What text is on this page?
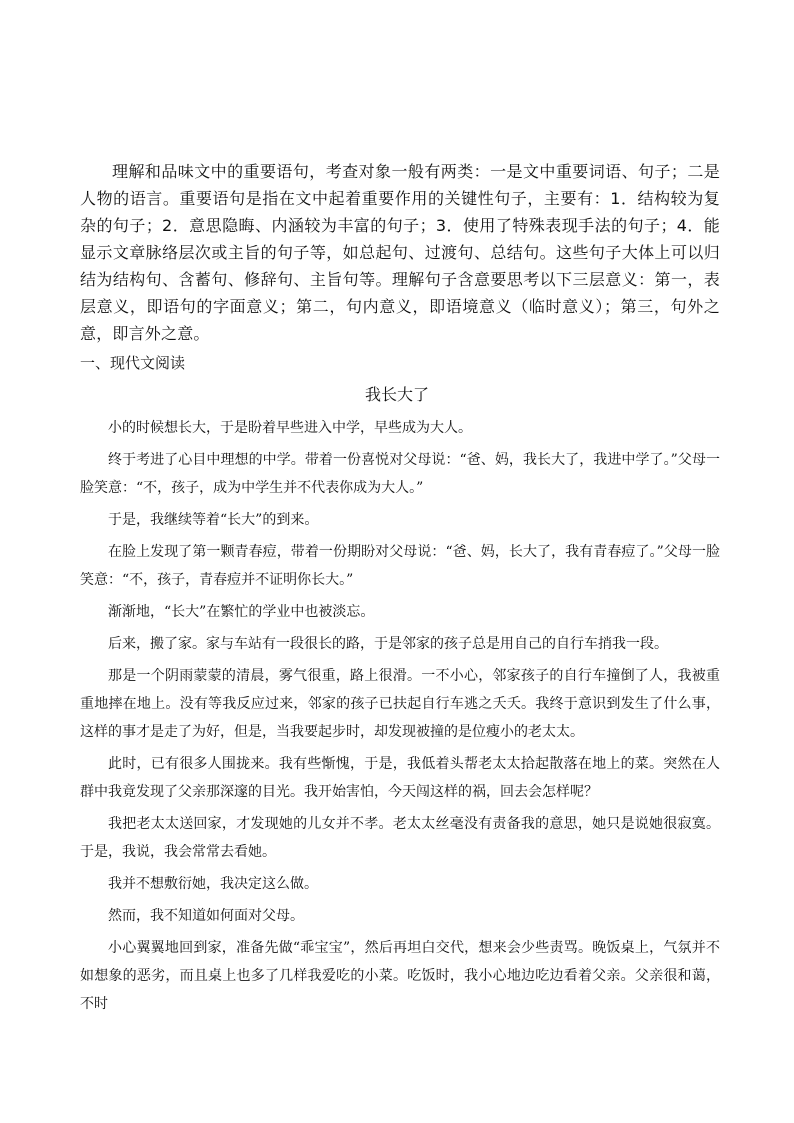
理解和品味文中的重要语句，考查对象一般有两类：一是文中重要词语、句子；二是人物的语言。重要语句是指在文中起着重要作用的关键性句子，主要有：1．结构较为复杂的句子；2．意思隐晦、内涵较为丰富的句子；3．使用了特殊表现手法的句子；4．能显示文章脉络层次或主旨的句子等，如总起句、过渡句、总结句。这些句子大体上可以归结为结构句、含蓄句、修辞句、主旨句等。理解句子含意要思考以下三层意义：第一，表层意义，即语句的字面意义；第二，句内意义，即语境意义（临时意义）；第三，句外之意，即言外之意。

一、现代文阅读
我长大了

小的时候想长大，于是盼着早些进入中学，早些成为大人。

终于考进了心目中理想的中学。带着一份喜悦对父母说：“爸、妈，我长大了，我进中学了。”父母一脸笑意：“不，孩子，成为中学生并不代表你成为大人。”

于是，我继续等着“长大”的到来。

在脸上发现了第一颗青春痘，带着一份期盼对父母说：“爸、妈，长大了，我有青春痘了。”父母一脸笑意：“不，孩子，青春痘并不证明你长大。”

渐渐地，“长大”在繁忙的学业中也被淡忘。

后来，搬了家。家与车站有一段很长的路，于是邻家的孩子总是用自己的自行车捎我一段。

那是一个阴雨蒙蒙的清晨，雾气很重，路上很滑。一不小心，邻家孩子的自行车撞倒了人，我被重重地摔在地上。没有等我反应过来，邻家的孩子已扶起自行车逃之夭夭。我终于意识到发生了什么事，这样的事才是走了为好，但是，当我要起步时，却发现被撞的是位瘦小的老太太。

此时，已有很多人围拢来。我有些惭愧，于是，我低着头帮老太太拾起散落在地上的菜。突然在人群中我竟发现了父亲那深邃的目光。我开始害怕，今天闯这样的祸，回去会怎样呢？

我把老太太送回家，才发现她的儿女并不孝。老太太丝毫没有责备我的意思，她只是说她很寂寞。于是，我说，我会常常去看她。

我并不想敷衍她，我决定这么做。

然而，我不知道如何面对父母。

小心翼翼地回到家，准备先做“乖宝宝”，然后再坦白交代，想来会少些责骂。晚饭桌上，气氛并不如想象的恶劣，而且桌上也多了几样我爱吃的小菜。吃饭时，我小心地边吃边看着父亲。父亲很和蔼，不时
